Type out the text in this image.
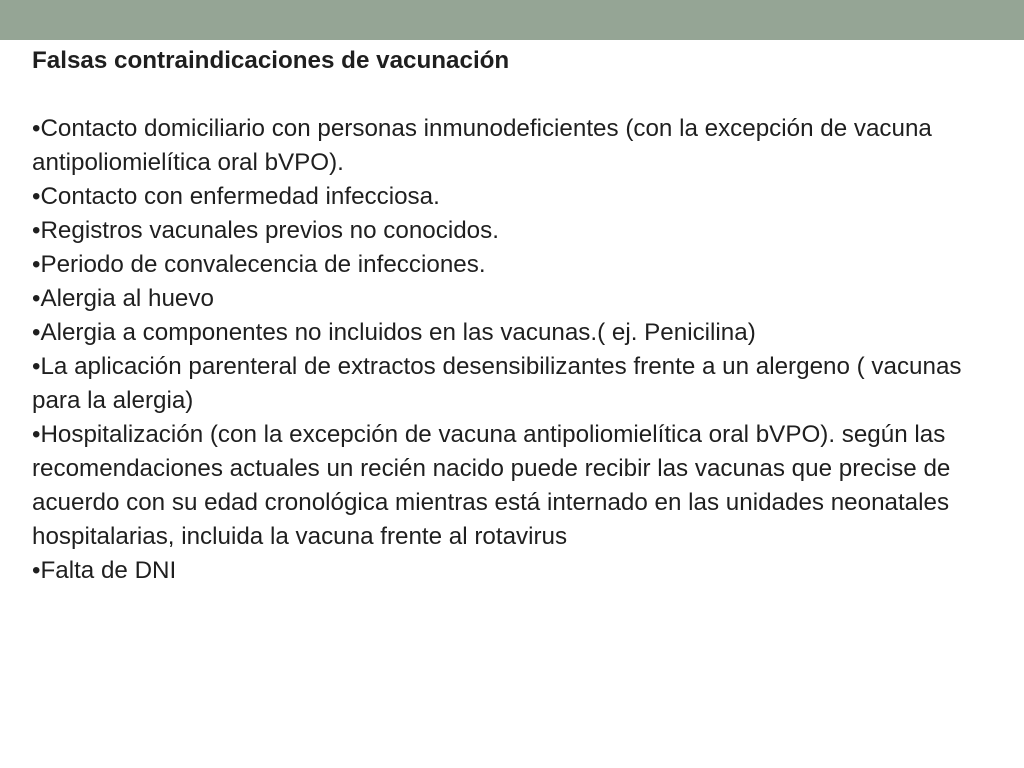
Falsas contraindicaciones de vacunación

•Contacto domiciliario con personas inmunodeficientes (con la excepción de vacuna antipoliomielítica oral bVPO).

•Contacto con enfermedad infecciosa.

•Registros vacunales previos no conocidos.

•Periodo de convalecencia de infecciones.

•Alergia al huevo

•Alergia a componentes no incluidos en las vacunas.( ej. Penicilina)

•La aplicación parenteral de extractos desensibilizantes frente a un alergeno ( vacunas para la alergia)

•Hospitalización (con la excepción de vacuna antipoliomielítica oral bVPO). según las recomendaciones actuales un recién nacido puede recibir las vacunas que precise de acuerdo con su edad cronológica mientras está internado en las unidades neonatales hospitalarias, incluida la vacuna frente al rotavirus

•Falta de DNI
